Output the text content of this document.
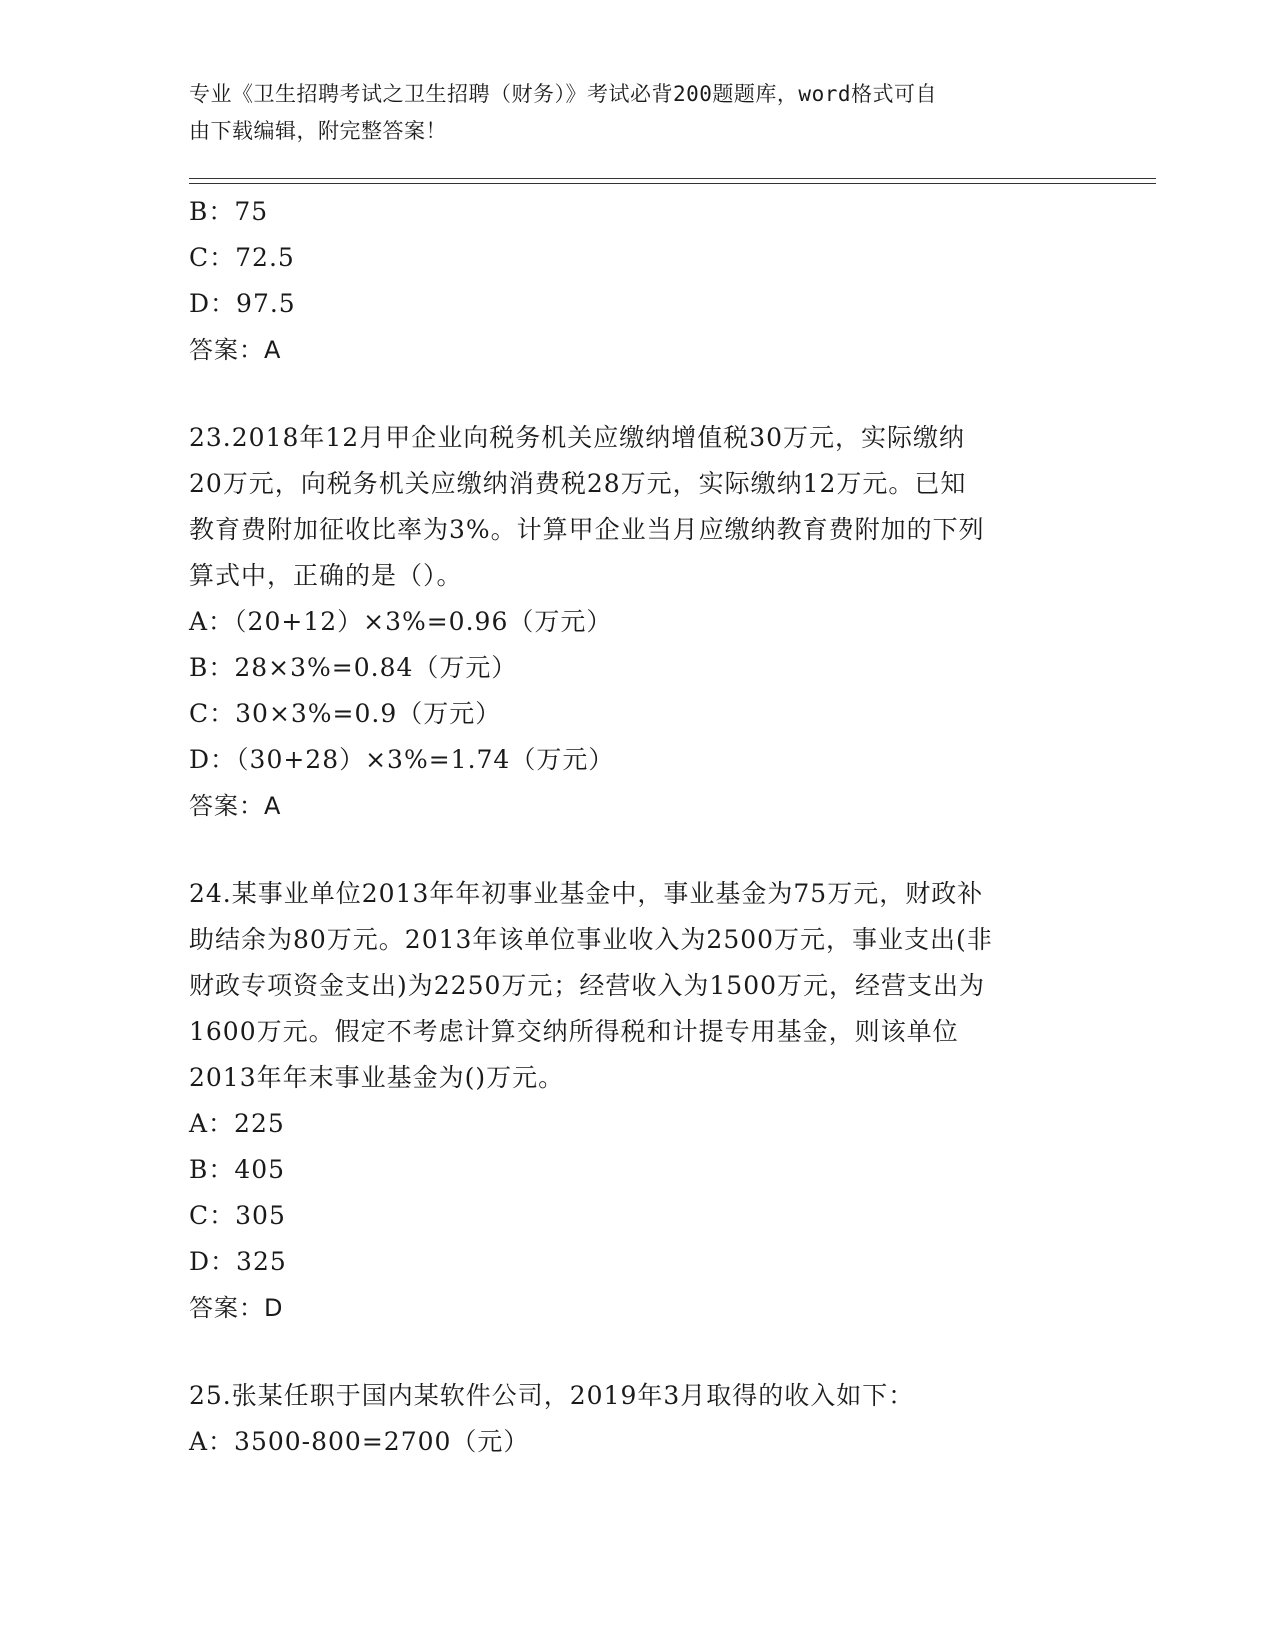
专业《卫生招聘考试之卫生招聘（财务）》考试必背200题题库，word格式可自
由下载编辑，附完整答案！
B：75
C：72.5
D：97.5
答案：A
23.2018年12月甲企业向税务机关应缴纳增值税30万元，实际缴纳
20万元，向税务机关应缴纳消费税28万元，实际缴纳12万元。已知
教育费附加征收比率为3%。计算甲企业当月应缴纳教育费附加的下列
算式中，正确的是（）。
A：（20+12）×3%=0.96（万元）
B：28×3%=0.84（万元）
C：30×3%=0.9（万元）
D：（30+28）×3%=1.74（万元）
答案：A
24.某事业单位2013年年初事业基金中，事业基金为75万元，财政补
助结余为80万元。2013年该单位事业收入为2500万元，事业支出(非
财政专项资金支出)为2250万元；经营收入为1500万元，经营支出为
1600万元。假定不考虑计算交纳所得税和计提专用基金，则该单位
2013年年末事业基金为()万元。
A：225
B：405
C：305
D：325
答案：D
25.张某任职于国内某软件公司，2019年3月取得的收入如下：
A：3500-800=2700（元）
